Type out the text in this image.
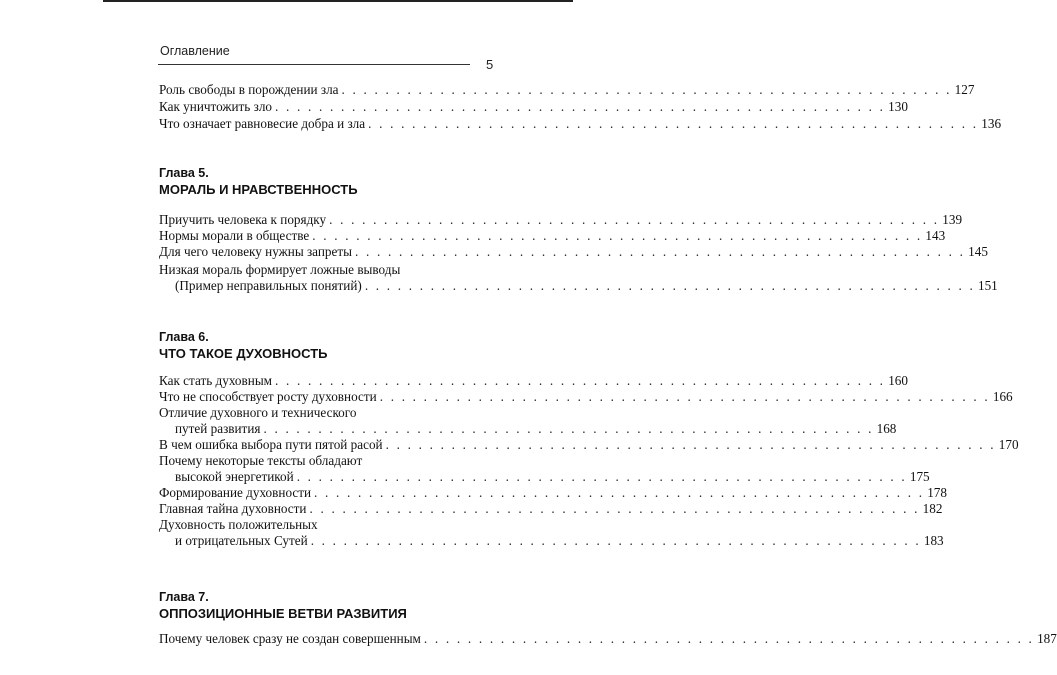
Оглавление
5
Роль свободы в порождении зла . . . . . . . . . . . . . . . . . . . . . . . . . . . . . . . . . . . . . . . . . . . . . . . . . . . . . . . . 127
Как уничтожить зло . . . . . . . . . . . . . . . . . . . . . . . . . . . . . . . . . . . . . . . . . . . . . . . . . . . . . . . . 130
Что означает равновесие добра и зла . . . . . . . . . . . . . . . . . . . . . . . . . . . . . . . . . . . . . . . . . . . . . . . . . . . . . . . . 136
Глава 5.
МОРАЛЬ И НРАВСТВЕННОСТЬ
Приучить человека к порядку . . . . . . . . . . . . . . . . . . . . . . . . . . . . . . . . . . . . . . . . . . . . . . . . . . . . . . . . 139
Нормы морали в обществе . . . . . . . . . . . . . . . . . . . . . . . . . . . . . . . . . . . . . . . . . . . . . . . . . . . . . . . . 143
Для чего человеку нужны запреты . . . . . . . . . . . . . . . . . . . . . . . . . . . . . . . . . . . . . . . . . . . . . . . . . . . . . . . . 145
Низкая мораль формирует ложные выводы
(Пример неправильных понятий) . . . . . . . . . . . . . . . . . . . . . . . . . . . . . . . . . . . . . . . . . . . . . . . . . . . . . . . . 151
Глава 6.
ЧТО ТАКОЕ ДУХОВНОСТЬ
Как стать духовным . . . . . . . . . . . . . . . . . . . . . . . . . . . . . . . . . . . . . . . . . . . . . . . . . . . . . . . . 160
Что не способствует росту духовности . . . . . . . . . . . . . . . . . . . . . . . . . . . . . . . . . . . . . . . . . . . . . . . . . . . . . . . . 166
Отличие духовного и технического
путей развития . . . . . . . . . . . . . . . . . . . . . . . . . . . . . . . . . . . . . . . . . . . . . . . . . . . . . . . . 168
В чем ошибка выбора пути пятой расой . . . . . . . . . . . . . . . . . . . . . . . . . . . . . . . . . . . . . . . . . . . . . . . . . . . . . . . . 170
Почему некоторые тексты обладают
высокой энергетикой . . . . . . . . . . . . . . . . . . . . . . . . . . . . . . . . . . . . . . . . . . . . . . . . . . . . . . . . 175
Формирование духовности . . . . . . . . . . . . . . . . . . . . . . . . . . . . . . . . . . . . . . . . . . . . . . . . . . . . . . . . 178
Главная тайна духовности . . . . . . . . . . . . . . . . . . . . . . . . . . . . . . . . . . . . . . . . . . . . . . . . . . . . . . . . 182
Духовность положительных
и отрицательных Сутей . . . . . . . . . . . . . . . . . . . . . . . . . . . . . . . . . . . . . . . . . . . . . . . . . . . . . . . . 183
Глава 7.
ОППОЗИЦИОННЫЕ ВЕТВИ РАЗВИТИЯ
Почему человек сразу не создан совершенным . . . . . . . . . . . . . . . . . . . . . . . . . . . . . . . . . . . . . . . . . . . . . . . . . . . . . . . . 187
